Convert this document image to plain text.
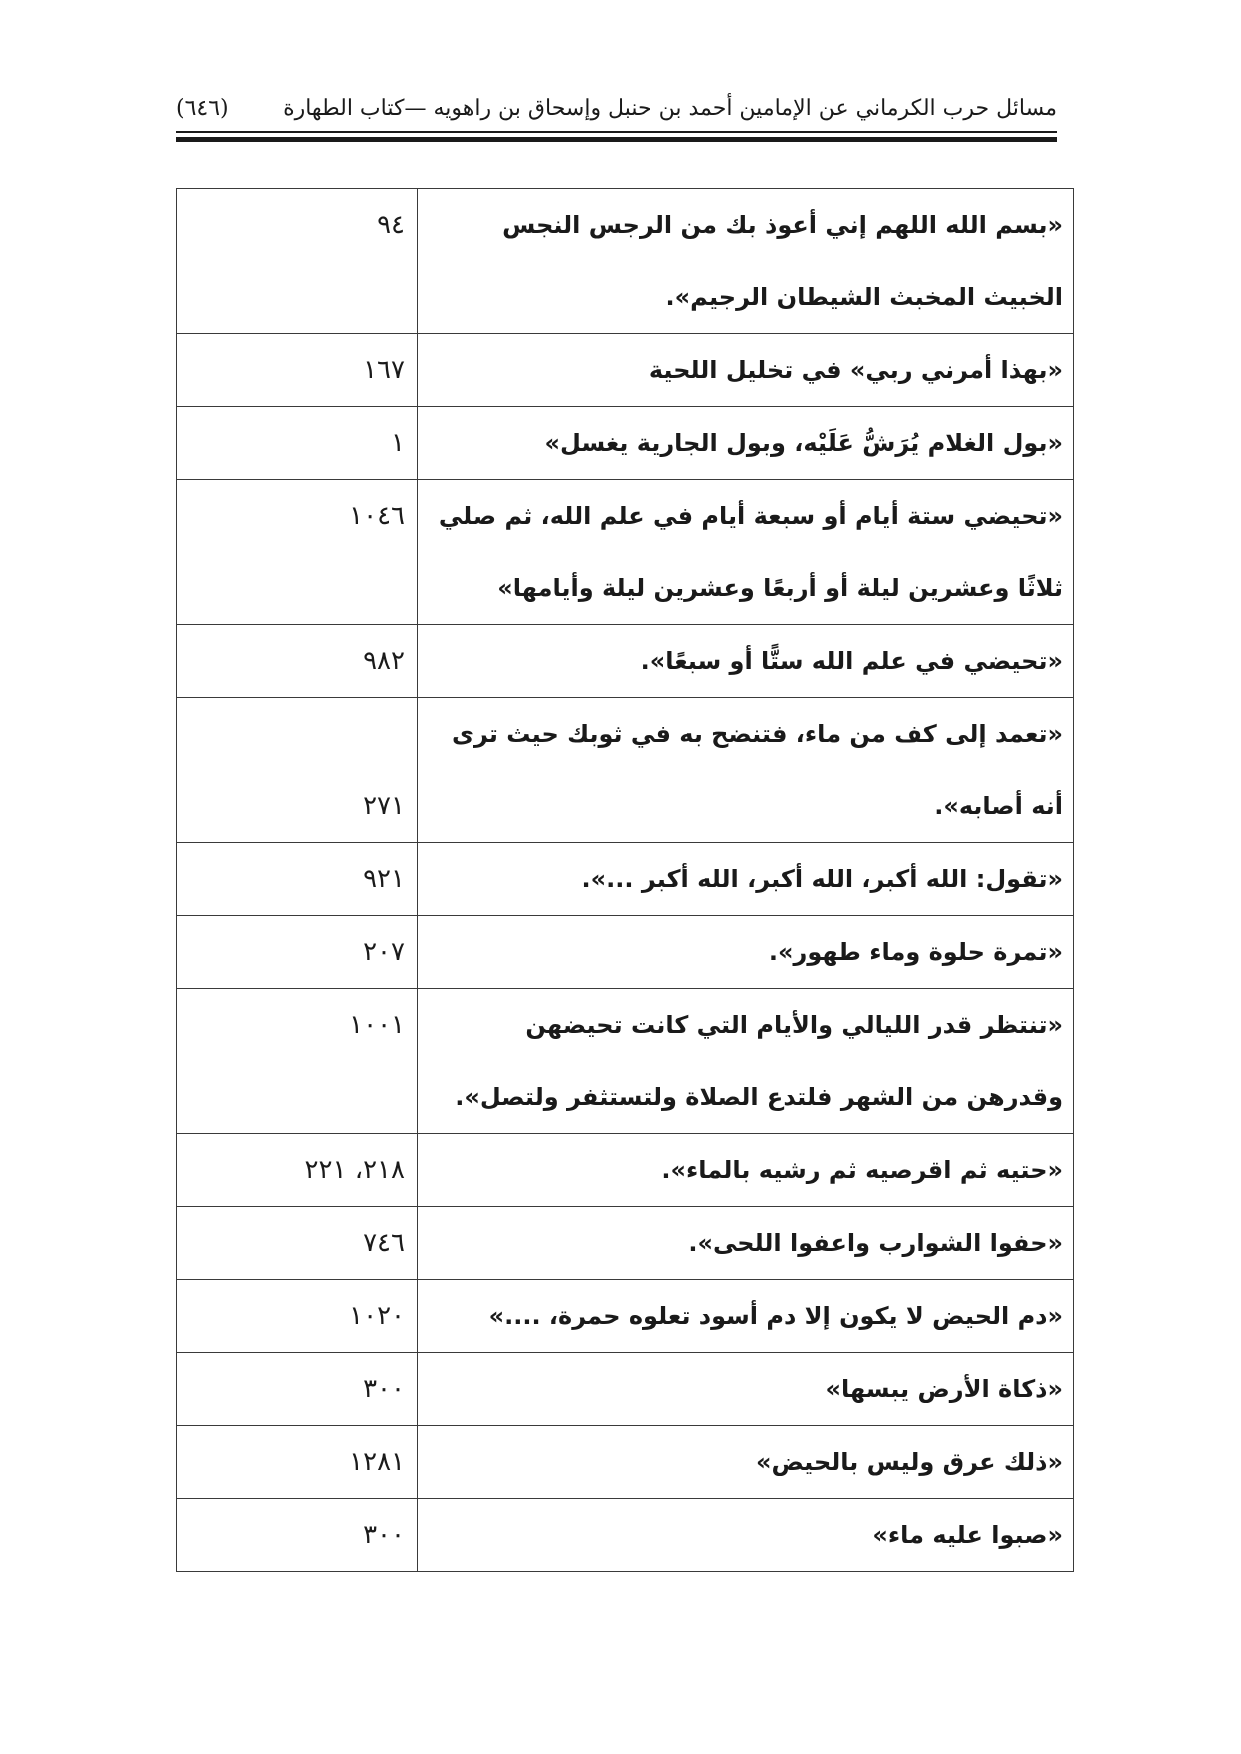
مسائل حرب الكرماني عن الإمامين أحمد بن حنبل وإسحاق بن راهويه —كتاب الطهارة
(٦٤٦)
«بسم الله اللهم إني أعوذ بك من الرجس النجس الخبيث المخبث الشيطان الرجيم».	٩٤

«بهذا أمرني ربي» في تخليل اللحية	١٦٧

«بول الغلام يُرَشُّ عَلَيْه، وبول الجارية يغسل»	١

«تحيضي ستة أيام أو سبعة أيام في علم الله، ثم صلي ثلاثًا وعشرين ليلة أو أربعًا وعشرين ليلة وأيامها»	١٠٤٦

«تحيضي في علم الله ستًّا أو سبعًا».	٩٨٢

«تعمد إلى كف من ماء، فتنضح به في ثوبك حيث ترى أنه أصابه».	٢٧١

«تقول: الله أكبر، الله أكبر، الله أكبر ...».	٩٢١

«تمرة حلوة وماء طهور».	٢٠٧

«تنتظر قدر الليالي والأيام التي كانت تحيضهن وقدرهن من الشهر فلتدع الصلاة ولتستثفر ولتصل».	١٠٠١

«حتيه ثم اقرصيه ثم رشيه بالماء».	٢١٨، ٢٢١

«حفوا الشوارب واعفوا اللحى».	٧٤٦

«دم الحيض لا يكون إلا دم أسود تعلوه حمرة، ....»	١٠٢٠

«ذكاة الأرض يبسها»	٣٠٠

«ذلك عرق وليس بالحيض»	١٢٨١

«صبوا عليه ماء»	٣٠٠
